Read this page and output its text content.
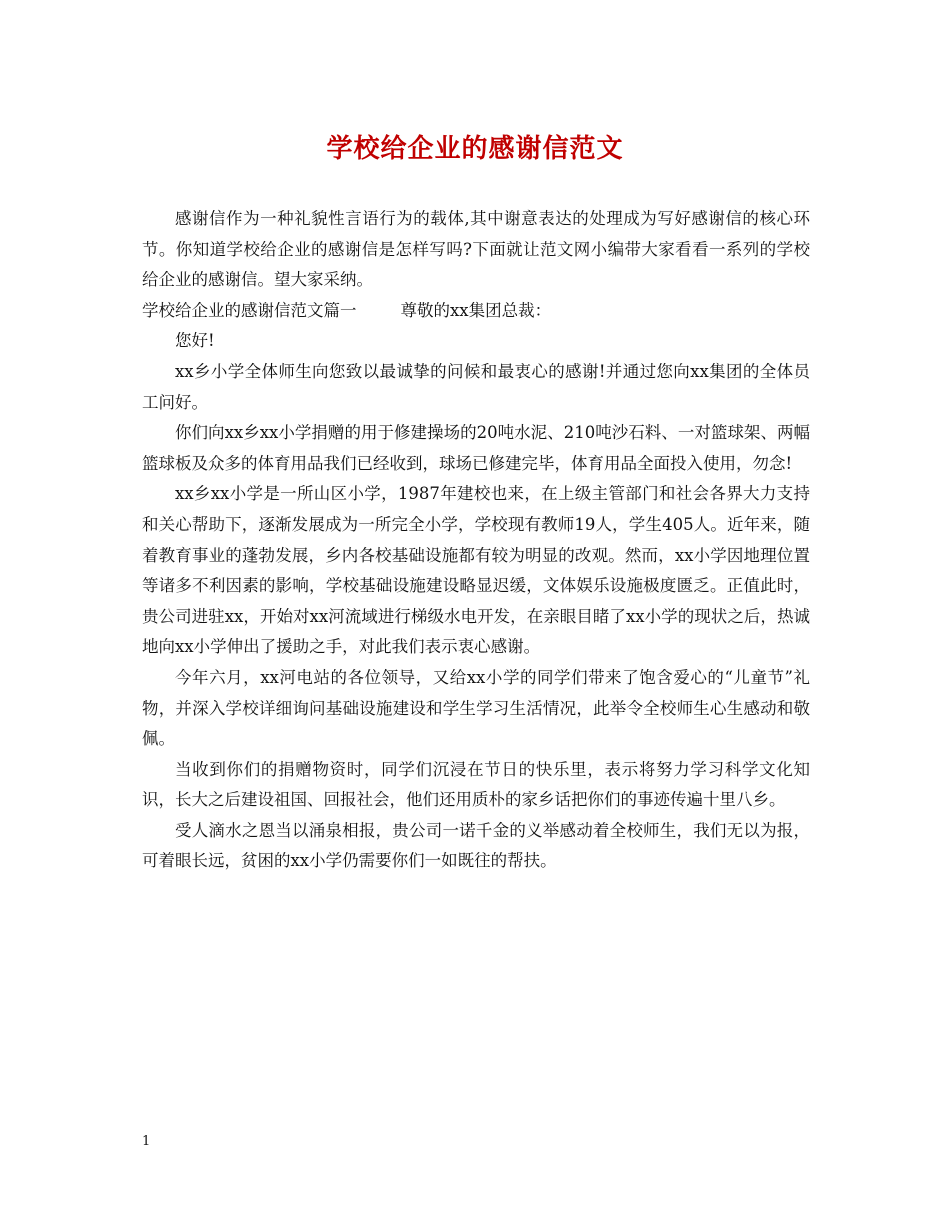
学校给企业的感谢信范文

感谢信作为一种礼貌性言语行为的载体,其中谢意表达的处理成为写好感谢信的核心环节。你知道学校给企业的感谢信是怎样写吗?下面就让范文网小编带大家看看一系列的学校给企业的感谢信。望大家采纳。

学校给企业的感谢信范文篇一	尊敬的xx集团总裁：

您好!

xx乡小学全体师生向您致以最诚挚的问候和最衷心的感谢!并通过您向xx集团的全体员工问好。

你们向xx乡xx小学捐赠的用于修建操场的20吨水泥、210吨沙石料、一对篮球架、两幅篮球板及众多的体育用品我们已经收到，球场已修建完毕，体育用品全面投入使用，勿念!

xx乡xx小学是一所山区小学，1987年建校也来，在上级主管部门和社会各界大力支持和关心帮助下，逐渐发展成为一所完全小学，学校现有教师19人，学生405人。近年来，随着教育事业的蓬勃发展，乡内各校基础设施都有较为明显的改观。然而，xx小学因地理位置等诸多不利因素的影响，学校基础设施建设略显迟缓，文体娱乐设施极度匮乏。正值此时，贵公司进驻xx，开始对xx河流域进行梯级水电开发，在亲眼目睹了xx小学的现状之后，热诚地向xx小学伸出了援助之手，对此我们表示衷心感谢。

今年六月，xx河电站的各位领导，又给xx小学的同学们带来了饱含爱心的“儿童节”礼物，并深入学校详细询问基础设施建设和学生学习生活情况，此举令全校师生心生感动和敬佩。

当收到你们的捐赠物资时，同学们沉浸在节日的快乐里，表示将努力学习科学文化知识，长大之后建设祖国、回报社会，他们还用质朴的家乡话把你们的事迹传遍十里八乡。

受人滴水之恩当以涌泉相报，贵公司一诺千金的义举感动着全校师生，我们无以为报，可着眼长远，贫困的xx小学仍需要你们一如既往的帮扶。

1
